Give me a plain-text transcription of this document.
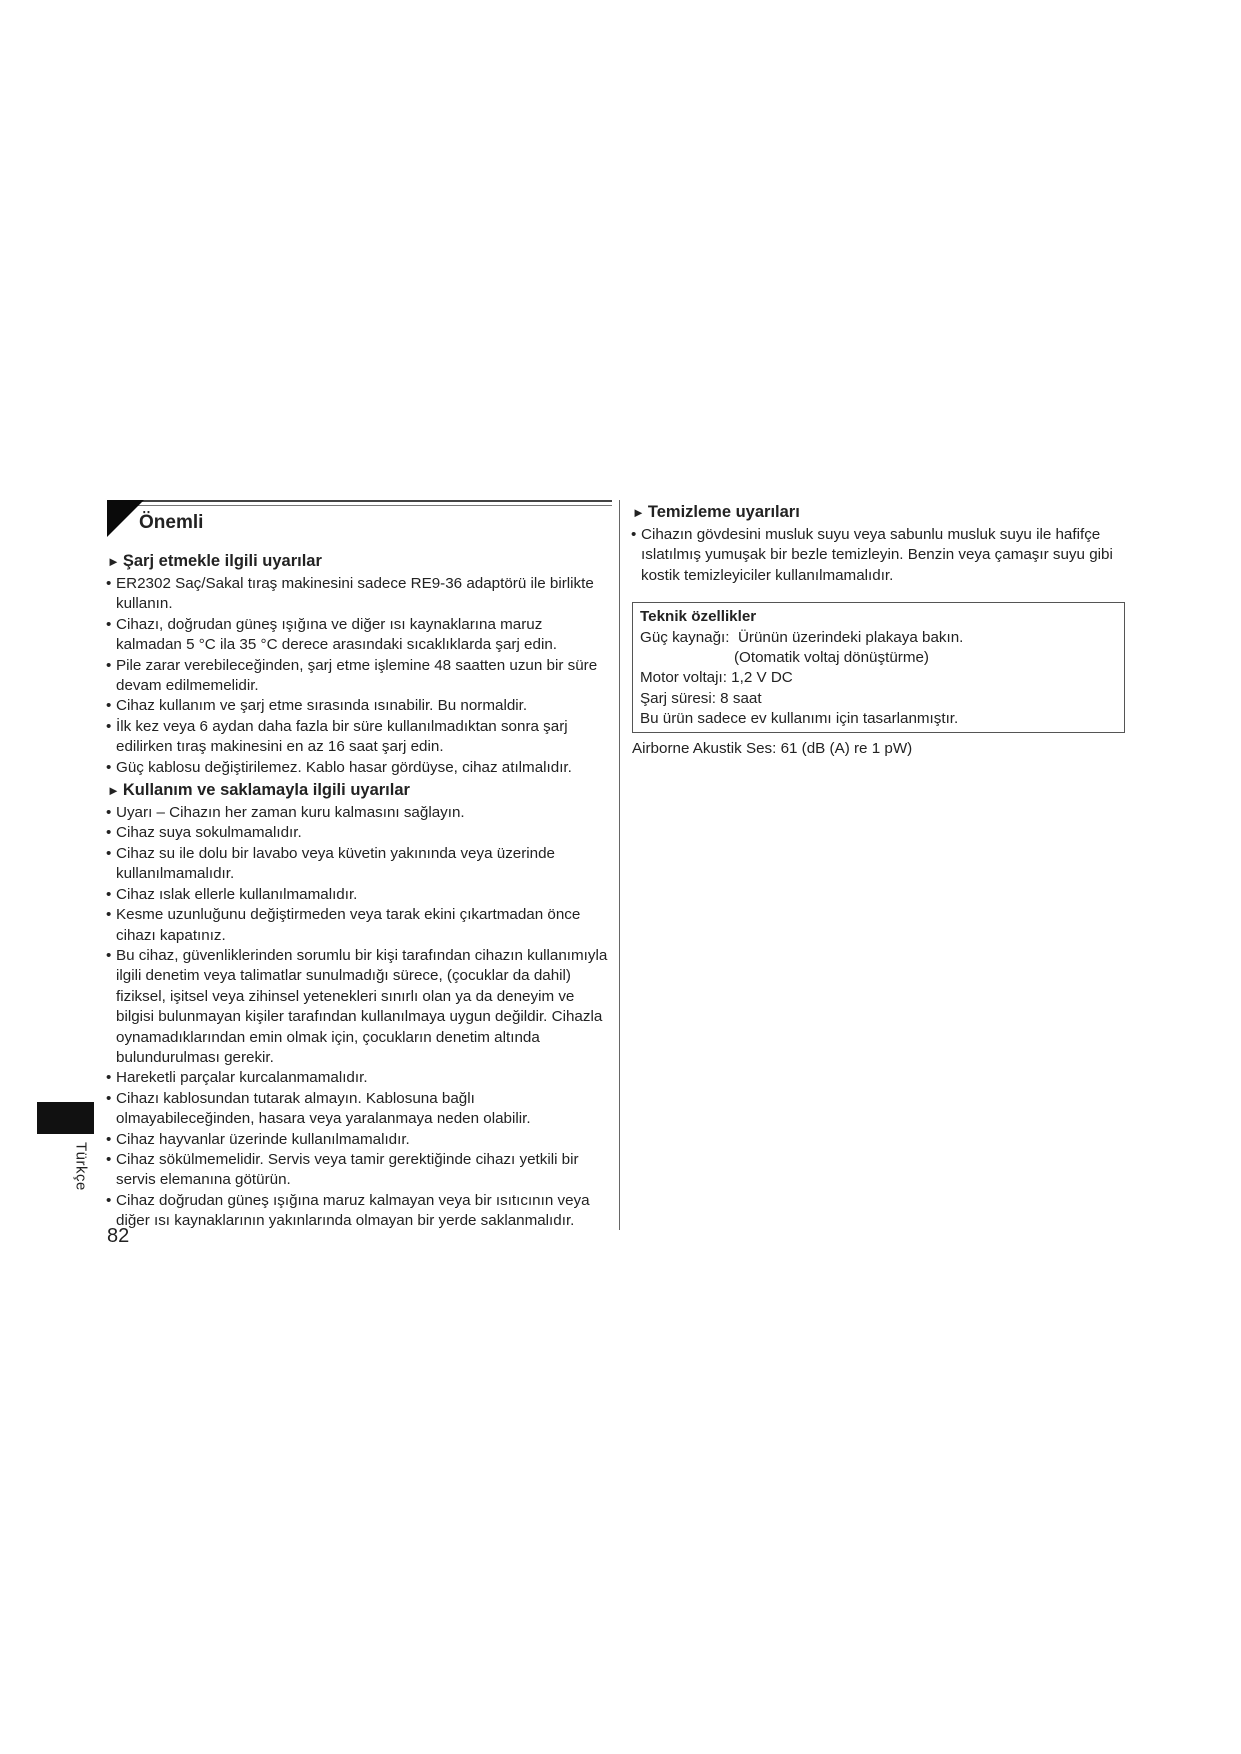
Önemli
► Şarj etmekle ilgili uyarılar
• ER2302 Saç/Sakal tıraş makinesini sadece RE9-36 adaptörü ile birlikte kullanın.
• Cihazı, doğrudan güneş ışığına ve diğer ısı kaynaklarına maruz kalmadan 5 °C ila 35 °C derece arasındaki sıcaklıklarda şarj edin.
• Pile zarar verebileceğinden, şarj etme işlemine 48 saatten uzun bir süre devam edilmemelidir.
• Cihaz kullanım ve şarj etme sırasında ısınabilir. Bu normaldir.
• İlk kez veya 6 aydan daha fazla bir süre kullanılmadıktan sonra şarj edilirken tıraş makinesini en az 16 saat şarj edin.
• Güç kablosu değiştirilemez. Kablo hasar gördüyse, cihaz atılmalıdır.
► Kullanım ve saklamayla ilgili uyarılar
• Uyarı – Cihazın her zaman kuru kalmasını sağlayın.
• Cihaz suya sokulmamalıdır.
• Cihaz su ile dolu bir lavabo veya küvetin yakınında veya üzerinde kullanılmamalıdır.
• Cihaz ıslak ellerle kullanılmamalıdır.
• Kesme uzunluğunu değiştirmeden veya tarak ekini çıkartmadan önce cihazı kapatınız.
• Bu cihaz, güvenliklerinden sorumlu bir kişi tarafından cihazın kullanımıyla ilgili denetim veya talimatlar sunulmadığı sürece, (çocuklar da dahil) fiziksel, işitsel veya zihinsel yetenekleri sınırlı olan ya da deneyim ve bilgisi bulunmayan kişiler tarafından kullanılmaya uygun değildir. Cihazla oynamadıklarından emin olmak için, çocukların denetim altında bulundurulması gerekir.
• Hareketli parçalar kurcalanmamalıdır.
• Cihazı kablosundan tutarak almayın. Kablosuna bağlı olmayabileceğinden, hasara veya yaralanmaya neden olabilir.
• Cihaz hayvanlar üzerinde kullanılmamalıdır.
• Cihaz sökülmemelidir. Servis veya tamir gerektiğinde cihazı yetkili bir servis elemanına götürün.
• Cihaz doğrudan güneş ışığına maruz kalmayan veya bir ısıtıcının veya diğer ısı kaynaklarının yakınlarında olmayan bir yerde saklanmalıdır.
► Temizleme uyarıları
• Cihazın gövdesini musluk suyu veya sabunlu musluk suyu ile hafifçe ıslatılmış yumuşak bir bezle temizleyin. Benzin veya çamaşır suyu gibi kostik temizleyiciler kullanılmamalıdır.
Teknik özellikler
Güç kaynağı: Ürünün üzerindeki plakaya bakın.
(Otomatik voltaj dönüştürme)
Motor voltajı: 1,2 V DC
Şarj süresi: 8 saat
Bu ürün sadece ev kullanımı için tasarlanmıştır.
Airborne Akustik Ses: 61 (dB (A) re 1 pW)
Türkçe
82
